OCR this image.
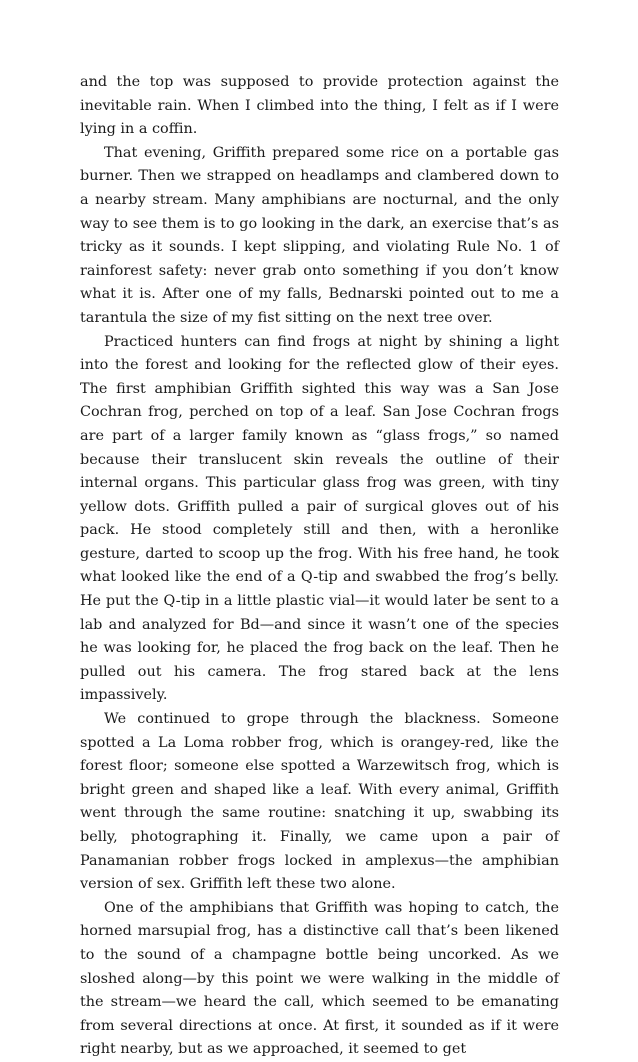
and the top was supposed to provide protection against the inevitable rain. When I climbed into the thing, I felt as if I were lying in a coffin.

That evening, Griffith prepared some rice on a portable gas burner. Then we strapped on headlamps and clambered down to a nearby stream. Many amphibians are nocturnal, and the only way to see them is to go looking in the dark, an exercise that’s as tricky as it sounds. I kept slipping, and violating Rule No. 1 of rainforest safety: never grab onto something if you don’t know what it is. After one of my falls, Bednarski pointed out to me a tarantula the size of my fist sitting on the next tree over.

Practiced hunters can find frogs at night by shining a light into the forest and looking for the reflected glow of their eyes. The first amphibian Griffith sighted this way was a San Jose Cochran frog, perched on top of a leaf. San Jose Cochran frogs are part of a larger family known as “glass frogs,” so named because their translucent skin reveals the outline of their internal organs. This particular glass frog was green, with tiny yellow dots. Griffith pulled a pair of surgical gloves out of his pack. He stood completely still and then, with a heronlike gesture, darted to scoop up the frog. With his free hand, he took what looked like the end of a Q-tip and swabbed the frog’s belly. He put the Q-tip in a little plastic vial—it would later be sent to a lab and analyzed for Bd—and since it wasn’t one of the species he was looking for, he placed the frog back on the leaf. Then he pulled out his camera. The frog stared back at the lens impassively.

We continued to grope through the blackness. Someone spotted a La Loma robber frog, which is orangey-red, like the forest floor; someone else spotted a Warzewitsch frog, which is bright green and shaped like a leaf. With every animal, Griffith went through the same routine: snatching it up, swabbing its belly, photographing it. Finally, we came upon a pair of Panamanian robber frogs locked in amplexus—the amphibian version of sex. Griffith left these two alone.

One of the amphibians that Griffith was hoping to catch, the horned marsupial frog, has a distinctive call that’s been likened to the sound of a champagne bottle being uncorked. As we sloshed along—by this point we were walking in the middle of the stream—we heard the call, which seemed to be emanating from several directions at once. At first, it sounded as if it were right nearby, but as we approached, it seemed to get
